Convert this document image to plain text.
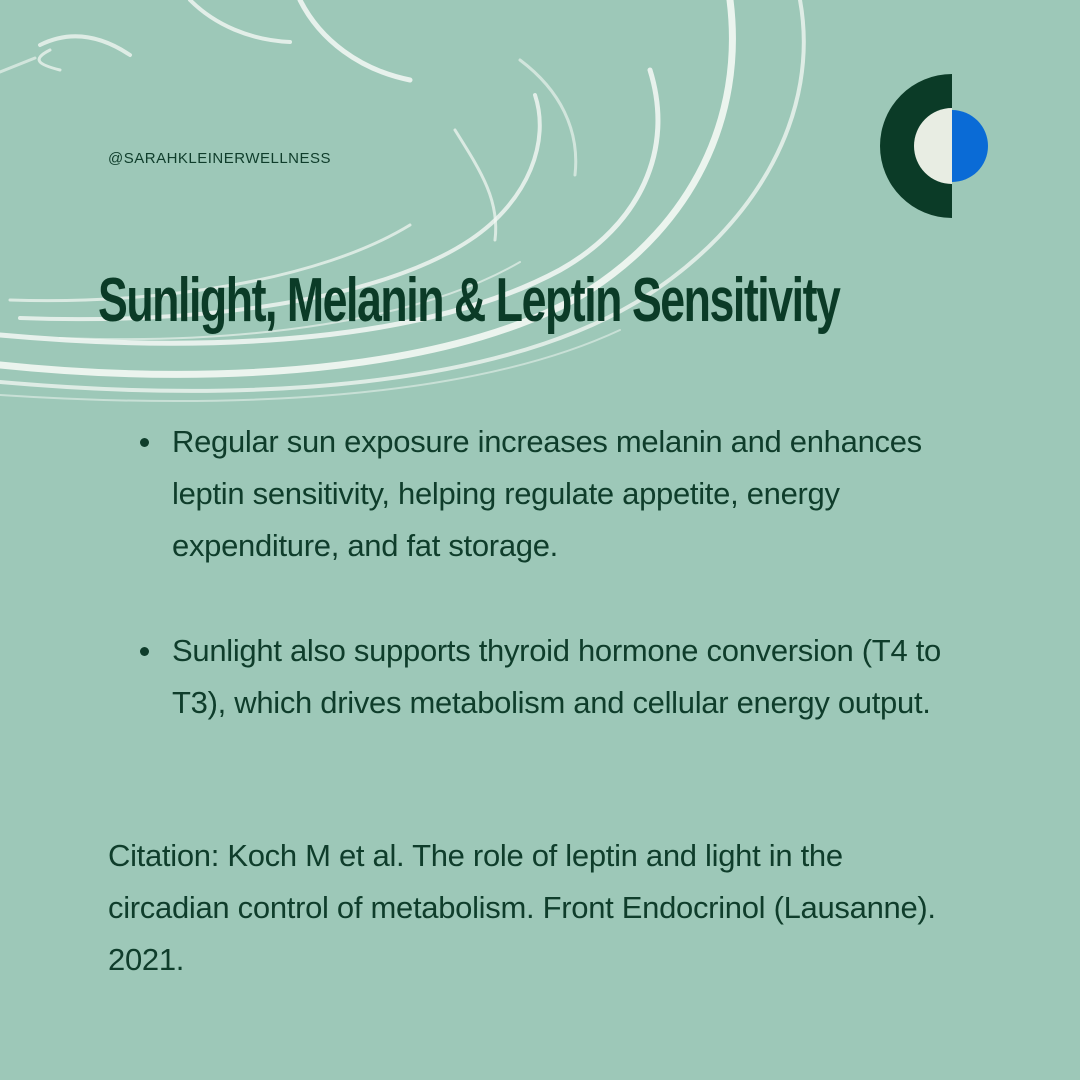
@SARAHKLEINERWELLNESS
Sunlight, Melanin & Leptin Sensitivity
Regular sun exposure increases melanin and enhances leptin sensitivity, helping regulate appetite, energy expenditure, and fat storage.
Sunlight also supports thyroid hormone conversion (T4 to T3), which drives metabolism and cellular energy output.
Citation: Koch M et al. The role of leptin and light in the circadian control of metabolism. Front Endocrinol (Lausanne). 2021.
